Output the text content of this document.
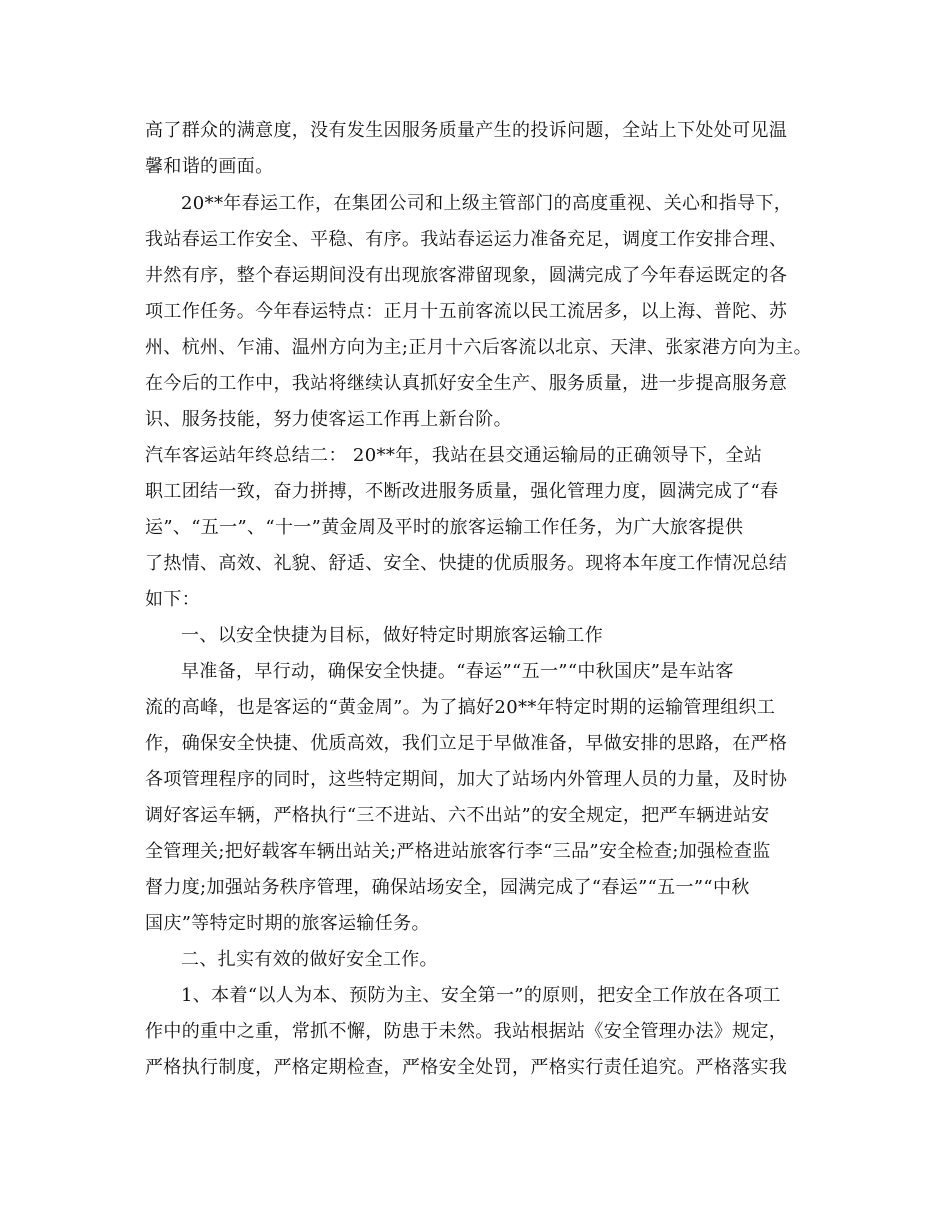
高了群众的满意度，没有发生因服务质量产生的投诉问题，全站上下处处可见温
馨和谐的画面。
20**年春运工作，在集团公司和上级主管部门的高度重视、关心和指导下，
我站春运工作安全、平稳、有序。我站春运运力准备充足，调度工作安排合理、
井然有序，整个春运期间没有出现旅客滞留现象，圆满完成了今年春运既定的各
项工作任务。今年春运特点：正月十五前客流以民工流居多，以上海、普陀、苏
州、杭州、乍浦、温州方向为主;正月十六后客流以北京、天津、张家港方向为主。
在今后的工作中，我站将继续认真抓好安全生产、服务质量，进一步提高服务意
识、服务技能，努力使客运工作再上新台阶。
汽车客运站年终总结二： 20**年，我站在县交通运输局的正确领导下，全站
职工团结一致，奋力拼搏，不断改进服务质量，强化管理力度，圆满完成了“春
运”、“五一”、“十一”黄金周及平时的旅客运输工作任务，为广大旅客提供
了热情、高效、礼貌、舒适、安全、快捷的优质服务。现将本年度工作情况总结
如下：
一、以安全快捷为目标，做好特定时期旅客运输工作
早准备，早行动，确保安全快捷。“春运”“五一”“中秋国庆”是车站客
流的高峰，也是客运的“黄金周”。为了搞好20**年特定时期的运输管理组织工
作，确保安全快捷、优质高效，我们立足于早做准备，早做安排的思路，在严格
各项管理程序的同时，这些特定期间，加大了站场内外管理人员的力量，及时协
调好客运车辆，严格执行“三不进站、六不出站”的安全规定，把严车辆进站安
全管理关;把好载客车辆出站关;严格进站旅客行李“三品”安全检查;加强检查监
督力度;加强站务秩序管理，确保站场安全，园满完成了“春运”“五一”“中秋
国庆”等特定时期的旅客运输任务。
二、扎实有效的做好安全工作。
1、本着“以人为本、预防为主、安全第一”的原则，把安全工作放在各项工
作中的重中之重，常抓不懈，防患于未然。我站根据站《安全管理办法》规定，
严格执行制度，严格定期检查，严格安全处罚，严格实行责任追究。严格落实我
